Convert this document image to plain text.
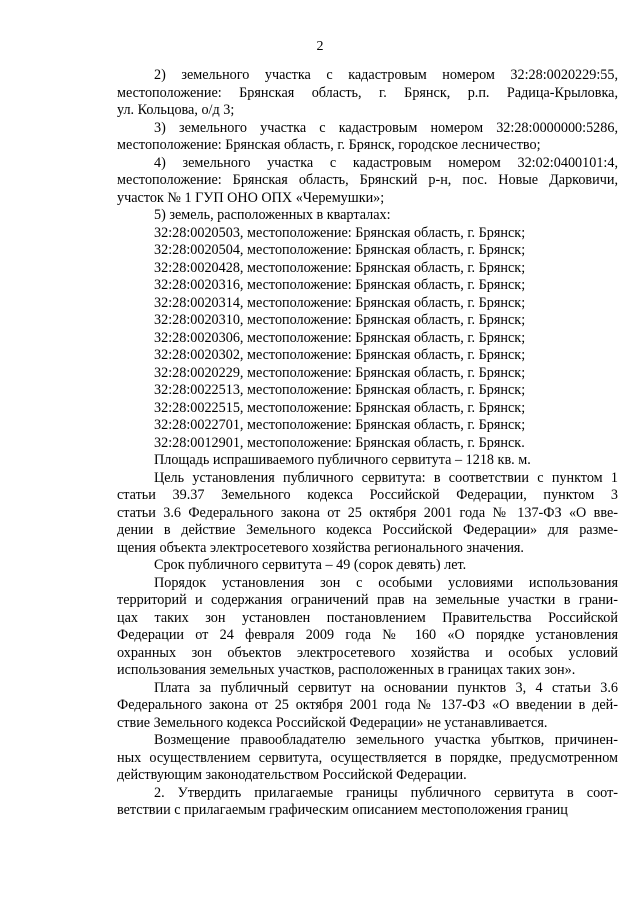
2

2) земельного участка с кадастровым номером 32:28:0020229:55,

местоположение: Брянская область, г. Брянск, р.п. Радица-Крыловка,

ул. Кольцова, о/д 3;

3) земельного участка с кадастровым номером 32:28:0000000:5286,

местоположение: Брянская область, г. Брянск, городское лесничество;

4) земельного участка с кадастровым номером 32:02:0400101:4,

местоположение: Брянская область, Брянский р-н, пос. Новые Дарковичи,

участок № 1 ГУП ОНО ОПХ «Черемушки»;

5) земель, расположенных в кварталах:

32:28:0020503, местоположение: Брянская область, г. Брянск;

32:28:0020504, местоположение: Брянская область, г. Брянск;

32:28:0020428, местоположение: Брянская область, г. Брянск;

32:28:0020316, местоположение: Брянская область, г. Брянск;

32:28:0020314, местоположение: Брянская область, г. Брянск;

32:28:0020310, местоположение: Брянская область, г. Брянск;

32:28:0020306, местоположение: Брянская область, г. Брянск;

32:28:0020302, местоположение: Брянская область, г. Брянск;

32:28:0020229, местоположение: Брянская область, г. Брянск;

32:28:0022513, местоположение: Брянская область, г. Брянск;

32:28:0022515, местоположение: Брянская область, г. Брянск;

32:28:0022701, местоположение: Брянская область, г. Брянск;

32:28:0012901, местоположение: Брянская область, г. Брянск.

Площадь испрашиваемого публичного сервитута – 1218 кв. м.

Цель установления публичного сервитута: в соответствии с пунктом 1

статьи 39.37 Земельного кодекса Российской Федерации, пунктом 3

статьи 3.6 Федерального закона от 25 октября 2001 года № 137-ФЗ «О вве-

дении в действие Земельного кодекса Российской Федерации» для разме-

щения объекта электросетевого хозяйства регионального значения.

Срок публичного сервитута – 49 (сорок девять) лет.

Порядок установления зон с особыми условиями использования

территорий и содержания ограничений прав на земельные участки в грани-

цах таких зон установлен постановлением Правительства Российской

Федерации от 24 февраля 2009 года № 160 «О порядке установления

охранных зон объектов электросетевого хозяйства и особых условий

использования земельных участков, расположенных в границах таких зон».

Плата за публичный сервитут на основании пунктов 3, 4 статьи 3.6

Федерального закона от 25 октября 2001 года № 137-ФЗ «О введении в дей-

ствие Земельного кодекса Российской Федерации» не устанавливается.

Возмещение правообладателю земельного участка убытков, причинен-

ных осуществлением сервитута, осуществляется в порядке, предусмотренном

действующим законодательством Российской Федерации.

2. Утвердить прилагаемые границы публичного сервитута в соот-

ветствии с прилагаемым графическим описанием местоположения границ
